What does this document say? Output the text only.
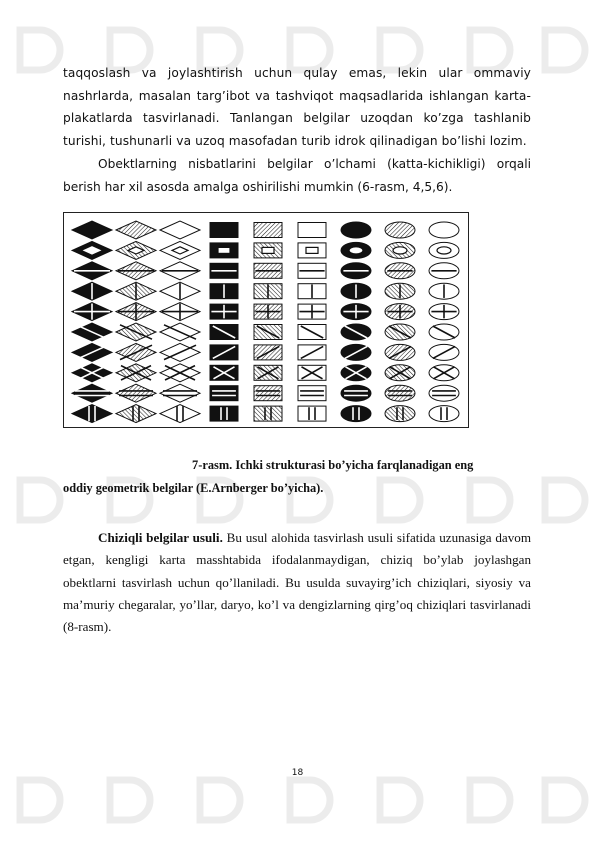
taqqoslash va joylashtirish uchun qulay emas, lekin ular ommaviy nashrlarda, masalan targ’ibot va tashviqot maqsadlarida ishlangan karta-plakatlarda tasvirlanadi. Tanlangan belgilar uzoqdan ko’zga tashlanib turishi, tushunarli va uzoq masofadan turib idrok qilinadigan bo’lishi lozim.

Obektlarning nisbatlarini belgilar o’lchami (katta-kichikligi) orqali berish har xil asosda amalga oshirilishi mumkin (6-rasm, 4,5,6).

7-rasm. Ichki strukturasi bo’yicha farqlanadigan eng
oddiy geometrik belgilar (E.Arnberger bo’yicha).

Chiziqli belgilar usuli. Bu usul alohida tasvirlash usuli sifatida uzunasiga davom etgan, kengligi karta masshtabida ifodalanmaydigan, chiziq bo’ylab joylashgan obektlarni tasvirlash uchun qo’llaniladi. Bu usulda suvayirg’ich chiziqlari, siyosiy va ma’muriy chegaralar, yo’llar, daryo, ko’l va dengizlarning qirg’oq chiziqlari tasvirlanadi (8-rasm).

18
